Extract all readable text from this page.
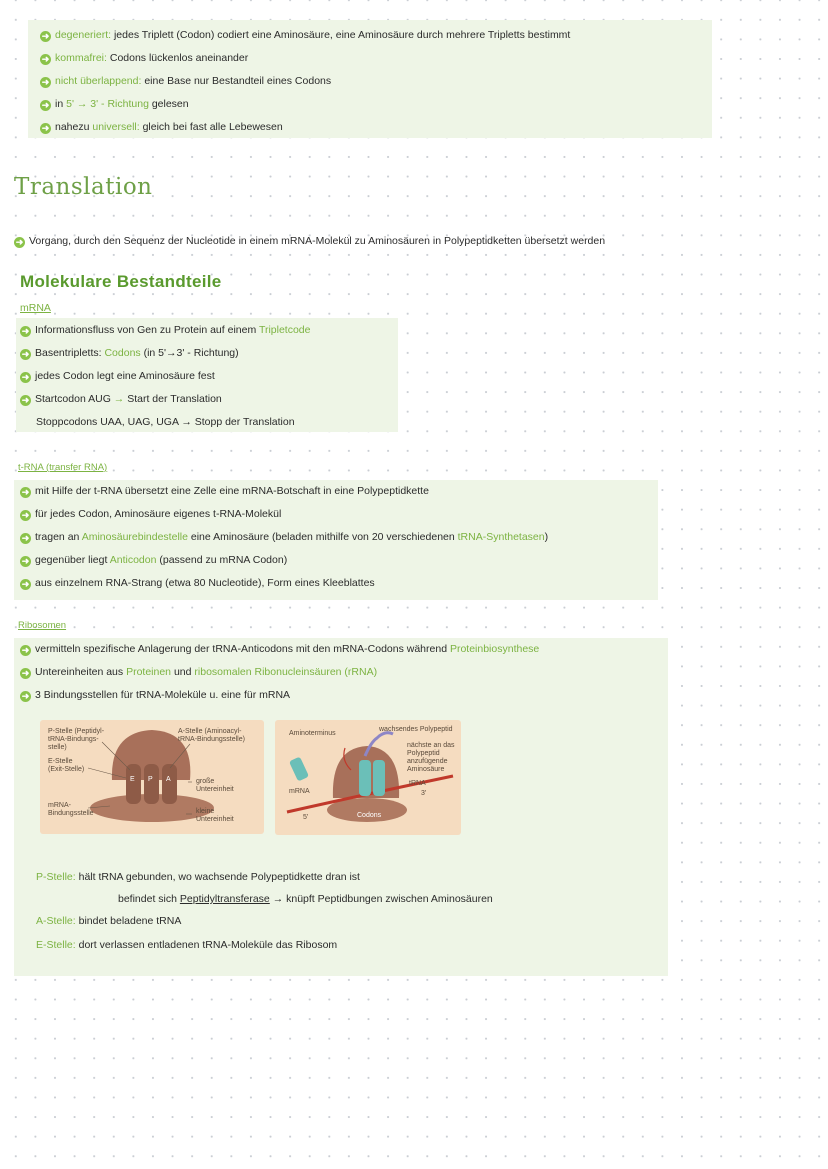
➜ degeneriert: jedes Triplett (Codon) codiert eine Aminosäure, eine Aminosäure durch mehrere Tripletts bestimmt
➜ kommafrei: Codons lückenlos aneinander
➜ nicht überlappend: eine Base nur Bestandteil eines Codons
➜ in 5' → 3' - Richtung gelesen
➜ nahezu universell: gleich bei fast alle Lebewesen
Translation
➜ Vorgang, durch den Sequenz der Nucleotide in einem mRNA-Molekül zu Aminosäuren in Polypeptidketten übersetzt werden
Molekulare Bestandteile
mRNA
➜ Informationsfluss von Gen zu Protein auf einem Tripletcode
➜ Basentripletts: Codons (in 5'→3' - Richtung)
➜ jedes Codon legt eine Aminosäure fest
➜ Startcodon AUG → Start der Translation
Stoppcodons UAA, UAG, UGA → Stopp der Translation
t-RNA (transfer RNA)
➜ mit Hilfe der t-RNA übersetzt eine Zelle eine mRNA-Botschaft in eine Polypeptidkette
➜ für jedes Codon, Aminosäure eigenes t-RNA-Molekül
➜ tragen an Aminosäurebindestelle eine Aminosäure (beladen mithilfe von 20 verschiedenen tRNA-Synthetasen)
➜ gegenüber liegt Anticodon (passend zu mRNA Codon)
➜ aus einzelnem RNA-Strang (etwa 80 Nucleotide), Form eines Kleeblattes
Ribosomen
➜ vermitteln spezifische Anlagerung der tRNA-Anticodons mit den mRNA-Codons während Proteinbiosynthese
➜ Untereinheiten aus Proteinen und ribosomalen Ribonucleinsäuren (rRNA)
➜ 3 Bindungsstellen für tRNA-Moleküle u. eine für mRNA
P-Stelle (Peptidyl-
tRNA-Bindungs-
stelle)
E-Stelle
(Exit-Stelle)
A-Stelle (Aminoacyl-
tRNA-Bindungsstelle)
große
Untereinheit
mRNA-
Bindungsstelle	kleine
Untereinheit
E P A
Aminoterminus
wachsendes Polypeptid
nächste an das
Polypeptid
anzufügende
Aminosäure
tRNA
3'
mRNA
5'	Codons
P-Stelle: hält tRNA gebunden, wo wachsende Polypeptidkette dran ist
befindet sich Peptidyltransferase → knüpft Peptidbungen zwischen Aminosäuren
A-Stelle: bindet beladene tRNA
E-Stelle: dort verlassen entladenen tRNA-Moleküle das Ribosom
